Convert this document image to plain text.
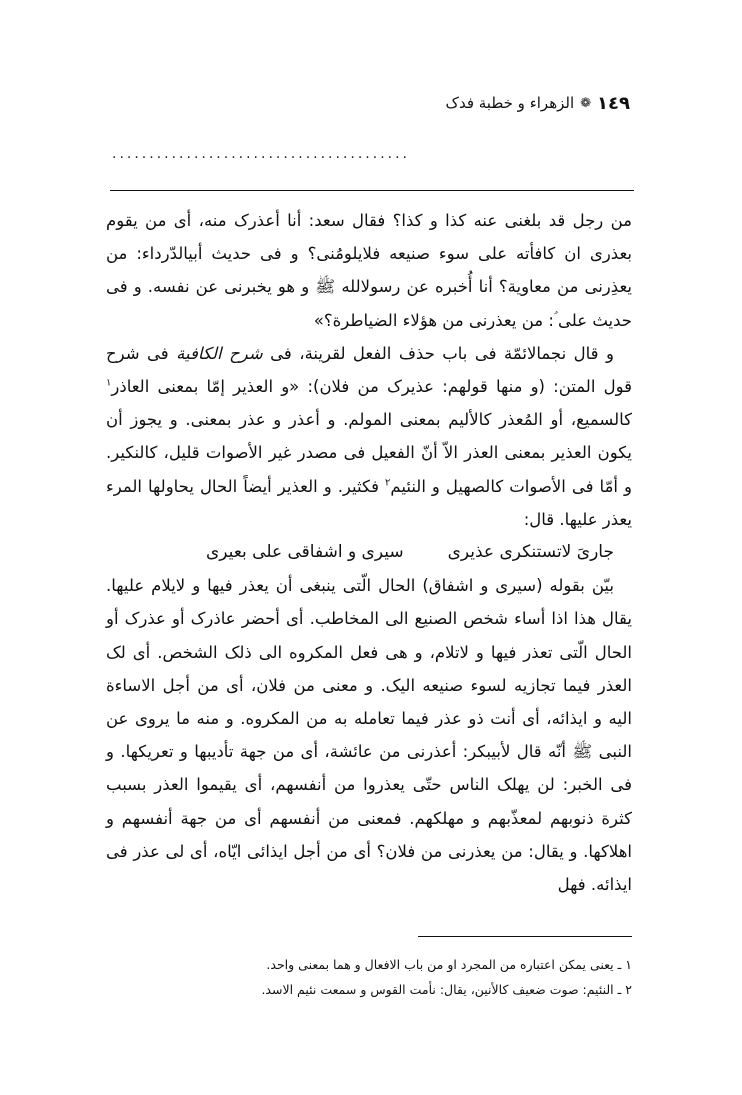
١٤٩
❁
الزهراء و خطبة فدک
........................................

من رجل قد بلغنی عنه کذا و کذا؟ فقال سعد: أنا أعذرک منه، أی من یقوم بعذری ان کافأته علی سوء صنیعه فلایلومُنی؟ و فی حدیث أبیالدّرداء: من یعذِرنی من معاویة؟ أنا أُخبره عن رسولالله ﷺ و هو یخبرنی عن نفسه. و فی حدیث علی ؑ: من یعذرنی من هؤلاء الضیاطرة؟»

و قال نجمالائمّة فی باب حذف الفعل لقرینة، فی شرح الکافیة فی شرح قول المتن: (و منها قولهم: عذیرک من فلان): «و العذیر إمّا بمعنی العاذر$^١$ کالسمیع، أو المُعذر کالألیم بمعنی المولم. و أعذر و عذر بمعنی. و یجوز أن یکون العذیر بمعنی العذر الاّ أنّ الفعیل فی مصدر غیر الأصوات قلیل، کالنکیر. و أمّا فی الأصوات کالصهیل و النئیم$^٢$ فکثیر. و العذیر أیضاً الحال یحاولها المرء یعذر علیها. قال:

جاریَ لاتستنکری عذیری
سیری و اشفاقی علی بعیری

بیّن بقوله (سیری و اشفاق) الحال الّتی ینبغی أن یعذر فیها و لایلام علیها. یقال هذا اذا أساء شخص الصنیع الی المخاطب. أی أحضر عاذرک أو عذرک أو الحال الّتی تعذر فیها و لاتلام، و هی فعل المکروه الی ذلک الشخص. أی لک العذر فیما تجازیه لسوء صنیعه الیک. و معنی من فلان، أی من أجل الاساءة الیه و ایذائه، أی أنت ذو عذر فیما تعامله به من المکروه. و منه ما یروی عن النبی ﷺ أنّه قال لأبیبکر: أعذرنی من عائشة، أی من جهة تأدیبها و تعریکها. و فی الخبر: لن یهلک الناس حتّی یعذروا من أنفسهم، أی یقیموا العذر بسبب کثرة ذنوبهم لمعذّبهم و مهلکهم. فمعنی من أنفسهم أی من جهة أنفسهم و اهلاکها. و یقال: من یعذرنی من فلان؟ أی من أجل ایذائی ایّاه، أی لی عذر فی ایذائه. فهل

١ ـ یعنی یمکن اعتباره من المجرد او من باب الافعال و هما بمعنی واحد.
٢ ـ النئیم: صوت ضعیف کالأنین، یقال: نأمت القوس و سمعت نئیم الاسد.
